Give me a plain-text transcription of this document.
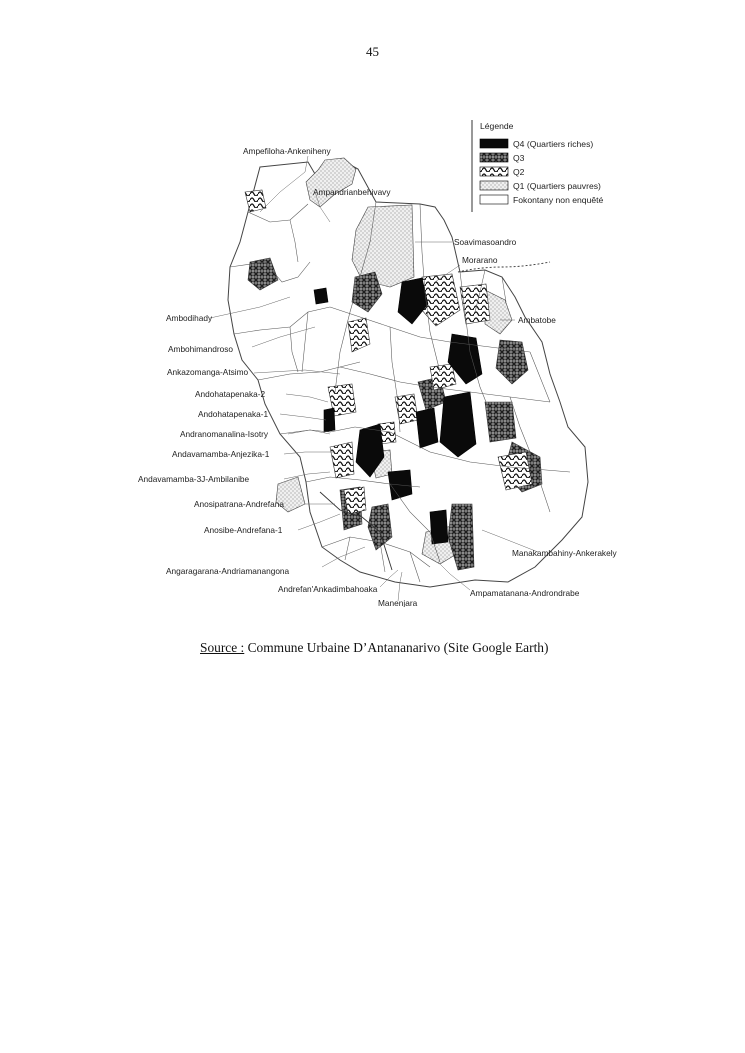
45
Légende
Q4 (Quartiers riches)
Q3
Q2
Q1 (Quartiers pauvres)
Fokontany non enquêté
Ampefiloha-Ankeniheny
Ampandrianbehivavy
Soavimasoandro
Morarano
Ambatobe
Ambodihady
Ambohimandroso
Ankazomanga-Atsimo
Andohatapenaka-2
Andohatapenaka-1
Andranomanalina-Isotry
Andavamamba-Anjezika-1
Andavamamba-3J-Ambilanibe
Anosipatrana-Andrefana
Anosibe-Andrefana-1
Angaragarana-Andriamanangona
Andrefan'Ankadimbahoaka
Manenjara
Ampamatanana-Androndrabe
Manakambahiny-Ankerakely
Source : Commune Urbaine D’Antananarivo (Site Google Earth)
